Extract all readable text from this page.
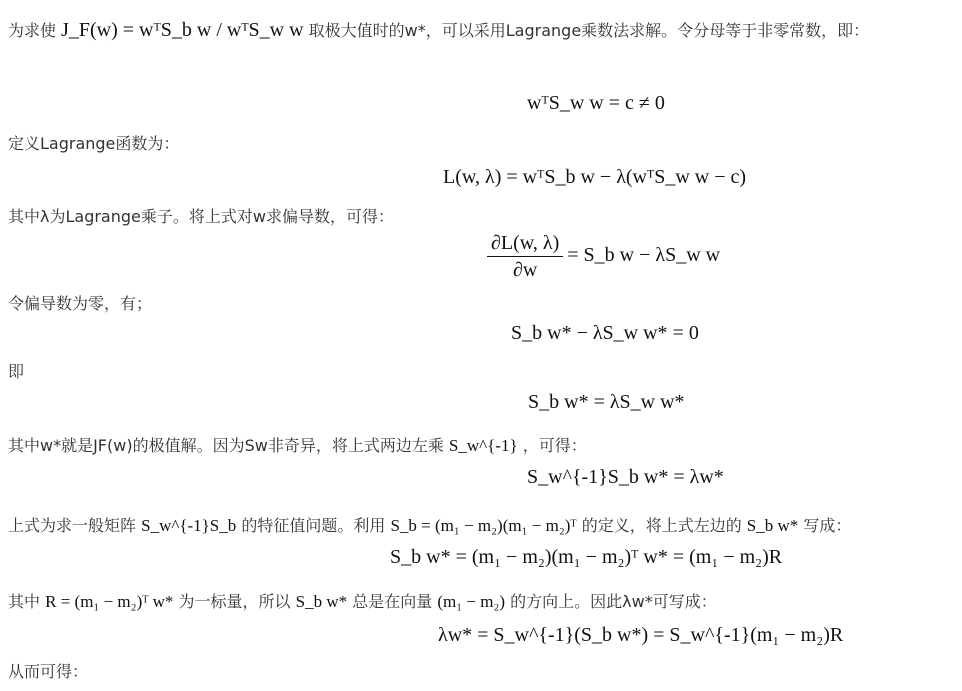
为求使 J_F(w) = wᵀS_b w / wᵀS_w w 取极大值时的w*，可以采用Lagrange乘数法求解。令分母等于非零常数，即：
wᵀS_w w = c ≠ 0
定义Lagrange函数为：
L(w, λ) = wᵀS_b w − λ(wᵀS_w w − c)
其中λ为Lagrange乘子。将上式对w求偏导数，可得：
$\frac{\partial L(w, \lambda)}{\partial w}$ = S_b w − λS_w w
令偏导数为零，有；
S_b w* − λS_w w* = 0
即
S_b w* = λS_w w*
其中w*就是JF(w)的极值解。因为Sw非奇异，将上式两边左乘 S_w^{-1} ，可得：
S_w^{-1}S_b w* = λw*
上式为求一般矩阵 S_w^{-1}S_b 的特征值问题。利用 S_b = (m₁ − m₂)(m₁ − m₂)ᵀ 的定义，将上式左边的 S_b w* 写成：
S_b w* = (m₁ − m₂)(m₁ − m₂)ᵀ w* = (m₁ − m₂)R
其中 R = (m₁ − m₂)ᵀ w* 为一标量，所以 S_b w* 总是在向量 (m₁ − m₂) 的方向上。因此λw*可写成：
λw* = S_w^{-1}(S_b w*) = S_w^{-1}(m₁ − m₂)R
从而可得：
